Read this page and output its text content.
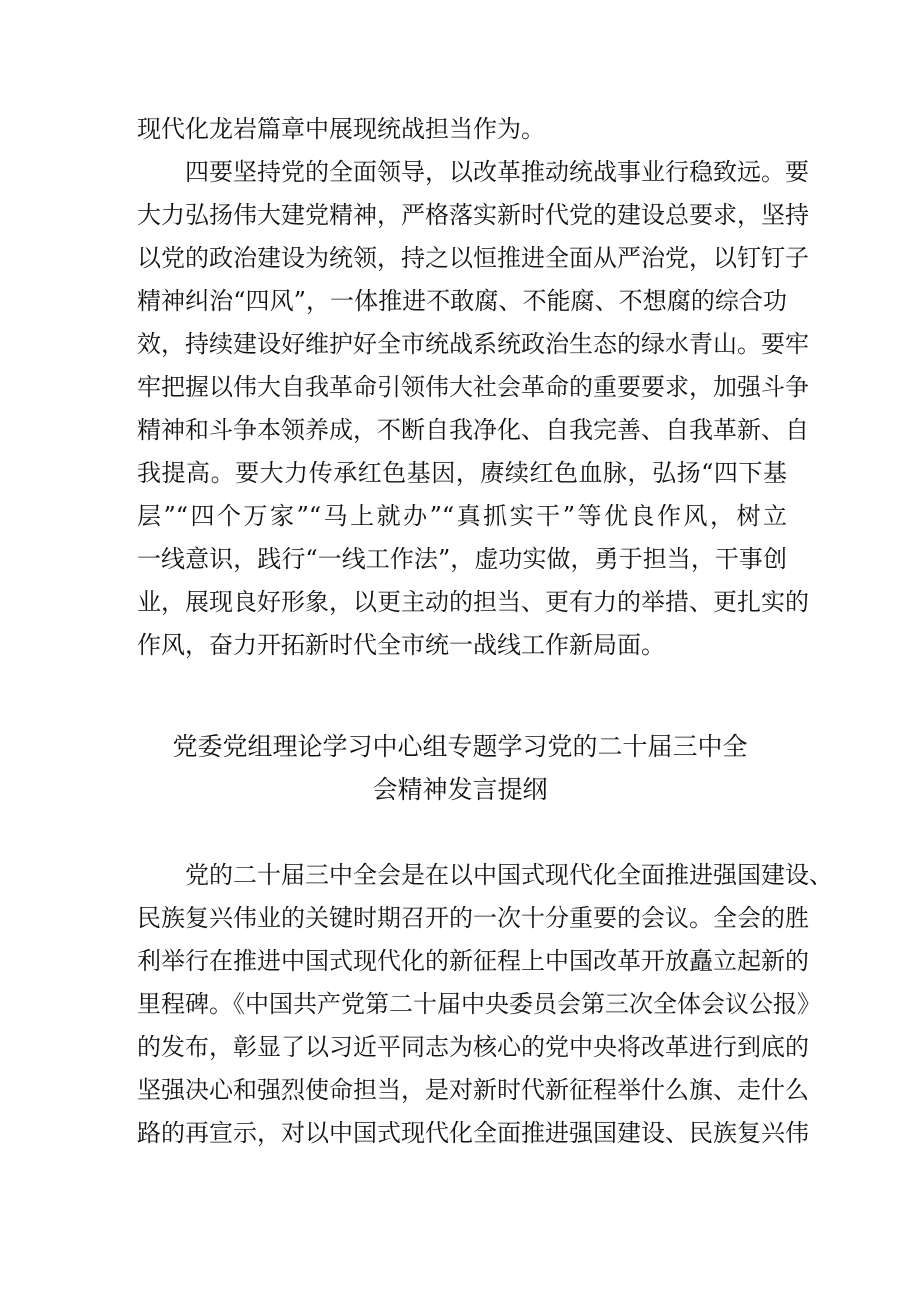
现代化龙岩篇章中展现统战担当作为。
　　四要坚持党的全面领导，以改革推动统战事业行稳致远。要
大力弘扬伟大建党精神，严格落实新时代党的建设总要求，坚持
以党的政治建设为统领，持之以恒推进全面从严治党，以钉钉子
精神纠治“四风”，一体推进不敢腐、不能腐、不想腐的综合功
效，持续建设好维护好全市统战系统政治生态的绿水青山。要牢
牢把握以伟大自我革命引领伟大社会革命的重要要求，加强斗争
精神和斗争本领养成，不断自我净化、自我完善、自我革新、自
我提高。要大力传承红色基因，赓续红色血脉，弘扬“四下基
层”“四个万家”“马上就办”“真抓实干”等优良作风，树立
一线意识，践行“一线工作法”，虚功实做，勇于担当，干事创
业，展现良好形象，以更主动的担当、更有力的举措、更扎实的
作风，奋力开拓新时代全市统一战线工作新局面。
党委党组理论学习中心组专题学习党的二十届三中全
会精神发言提纲
　　党的二十届三中全会是在以中国式现代化全面推进强国建设、
民族复兴伟业的关键时期召开的一次十分重要的会议。全会的胜
利举行在推进中国式现代化的新征程上中国改革开放矗立起新的
里程碑。《中国共产党第二十届中央委员会第三次全体会议公报》
的发布，彰显了以习近平同志为核心的党中央将改革进行到底的
坚强决心和强烈使命担当，是对新时代新征程举什么旗、走什么
路的再宣示，对以中国式现代化全面推进强国建设、民族复兴伟
